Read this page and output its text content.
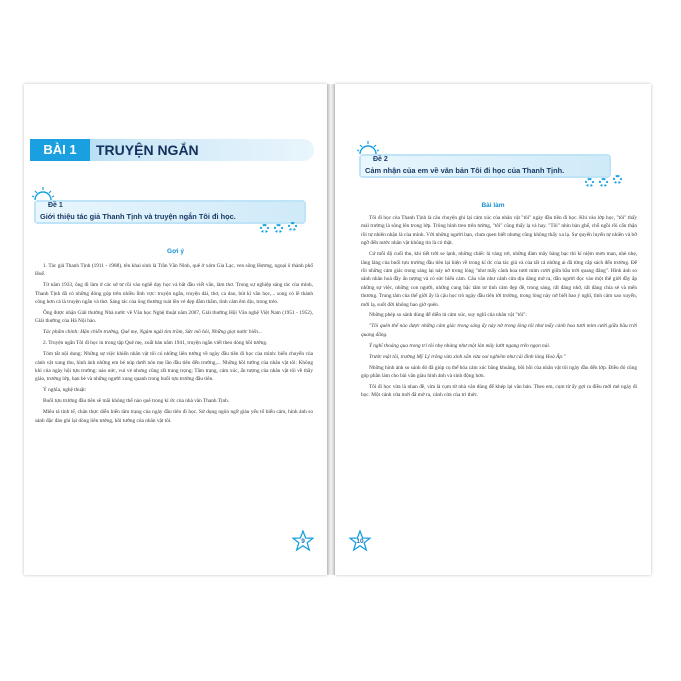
BÀI 1	TRUYỆN NGẮN
Đề 1
Giới thiệu tác giả Thanh Tịnh và truyện ngắn Tôi đi học.
Gợi ý

1. Tác giả Thanh Tịnh (1911 - 1988), tên khai sinh là Trần Văn Ninh, quê ở xóm Gia Lạc, ven sông Hương, ngoại ô thành phố Huế.

Từ năm 1933, ông đi làm ở các sở tư rồi vào nghề dạy học và bắt đầu viết văn, làm thơ. Trong sự nghiệp sáng tác của mình, Thanh Tịnh đã có những đóng góp trên nhiều lĩnh vực: truyện ngắn, truyện dài, thơ, ca dao, bút kí văn học,... song có lẽ thành công hơn cả là truyện ngắn và thơ. Sáng tác của ông thường toát lên vẻ đẹp đằm thắm, tình cảm êm dịu, trong trẻo.

Ông được nhận Giải thưởng Nhà nước về Văn học Nghệ thuật năm 2007, Giải thưởng Hội Văn nghệ Việt Nam (1951 - 1952), Giải thưởng của Hà Nội hào.

Tác phẩm chính: Hận chiến trường, Quê mẹ, Ngậm ngải tìm trầm, Sức mồ hôi, Những giọt nước biển...

2. Truyện ngắn Tôi đi học in trong tập Quê mẹ, xuất bản năm 1941, truyện ngắn viết theo dòng hồi tưởng.

Tóm tắt nội dung: Những sự việc khiến nhân vật tôi có những liên tưởng về ngày đầu tiên đi học của mình: biến chuyển của cảnh vật xung thu, hình ảnh những em bé núp dưới nón mẹ lần đầu tiên đến trường,... Những hồi tưởng của nhân vật tôi: Không khí của ngày hội tựu trường: náo nức, vui vẻ nhưng cũng rất trang trọng; Tâm trạng, cảm xúc, ấn tượng của nhân vật tôi về thầy giáo, trường lớp, bạn bè và những người xung quanh trong buổi tựu trường đầu tiên.

Ý nghĩa, nghệ thuật:

Buổi tựu trường đầu tiên sẽ mãi không thể nào quê trong kí ức của nhà văn Thanh Tịnh.

Miêu tả tinh tế, chân thực diễn biến tâm trạng của ngày đầu tiên đi học. Sử dụng ngôn ngữ giàu yếu tố biểu cảm, hình ảnh so sánh đặc đáo ghi lại dòng liên tưởng, hồi tưởng của nhân vật tôi.

9
Đề 2
Cảm nhận của em về văn bản Tôi đi học của Thanh Tịnh.
Bài làm

Tôi đi học của Thanh Tịnh là câu chuyện ghi lại cảm xúc của nhân vật "tôi" ngày đầu tiên đi học. Khi vào lớp học, "tôi" thấy mái trường là sông lên trong lớp. Trông hình treo trên tường, "tôi" cũng thấy lạ và hay. "Tôi" nhìn bàn ghế, chỗ ngồi rồi cẩn thận rồi tự nhiên nhận là của mình. Với những người bạn, chưa quen biết nhưng cũng không thấy xa lạ. Sự quyến luyến tự nhiên và bỡ ngỡ đến nước nhân vật không tin là có thật.

Cứ mỗi độ cuối thu, khi tiết trời se lạnh, những chiếc lá vàng rơi, những đám mây bàng bạc thì kí niệm mơn man, nhè nhẹ, lâng lâng của buổi tựu trường đầu tiên lại hiện về trong kí ức của tác giả và của tất cả những ai đã từng cắp sách đến trường. Để rồi những cảm giác trong sáng lại nảy nở trong lòng "như mấy cành hoa tươi mỉm cười giữa bầu trời quang đãng". Hình ảnh so sánh nhân hoá đầy ấn tượng và có sức biểu cảm. Câu văn như cánh cửa dịu dàng mở ra, dẫn người đọc vào một thế giới đầy ắp những sự việc, những con người, những cung bậc tâm tư tình cảm đẹp đẽ, trong sáng, rất đáng nhớ, rất đáng chia sẻ và mến thương. Trung tâm của thế giới ấy là cậu học trò ngày đầu tiên tới trường, trong lòng này nở biết bao ý nghĩ, tình cảm xao xuyến, mới lạ, suốt đời không bao giờ quên.

Những phép so sánh dùng để diễn tả cảm xúc, suy nghĩ của nhân vật "tôi":

"Tôi quên thế nào được những cảm giác trong sáng ấy nảy nở trong lòng tôi như mấy cành hoa tươi mỉm cười giữa bầu trời quang đãng.

Ý nghĩ thoáng qua trong trí tôi nhẹ nhàng như một làn mây lướt ngang trên ngọn núi.

Trước mặt tôi, trường Mỹ Lý trông vừa xinh xắn vừa oai nghiêm như cái đình làng Hoà Ấp."

Những hình ảnh so sánh đó đã giúp cụ thể hóa cảm xúc băng khuâng, bồi hồi của nhân vật tôi ngày đầu đến lớp. Điều đó cũng góp phần làm cho bài văn giàu hình ảnh và sinh động hơn.

Tôi đi học vừa là nhan đề, vừa là cụm từ nhà văn dùng để khép lại văn bản. Theo em, cụm từ ấy gợi ra điều mới mẻ ngày đi học. Một cánh cửa mới đã mở ra, cánh cửa của tri thức.

10
